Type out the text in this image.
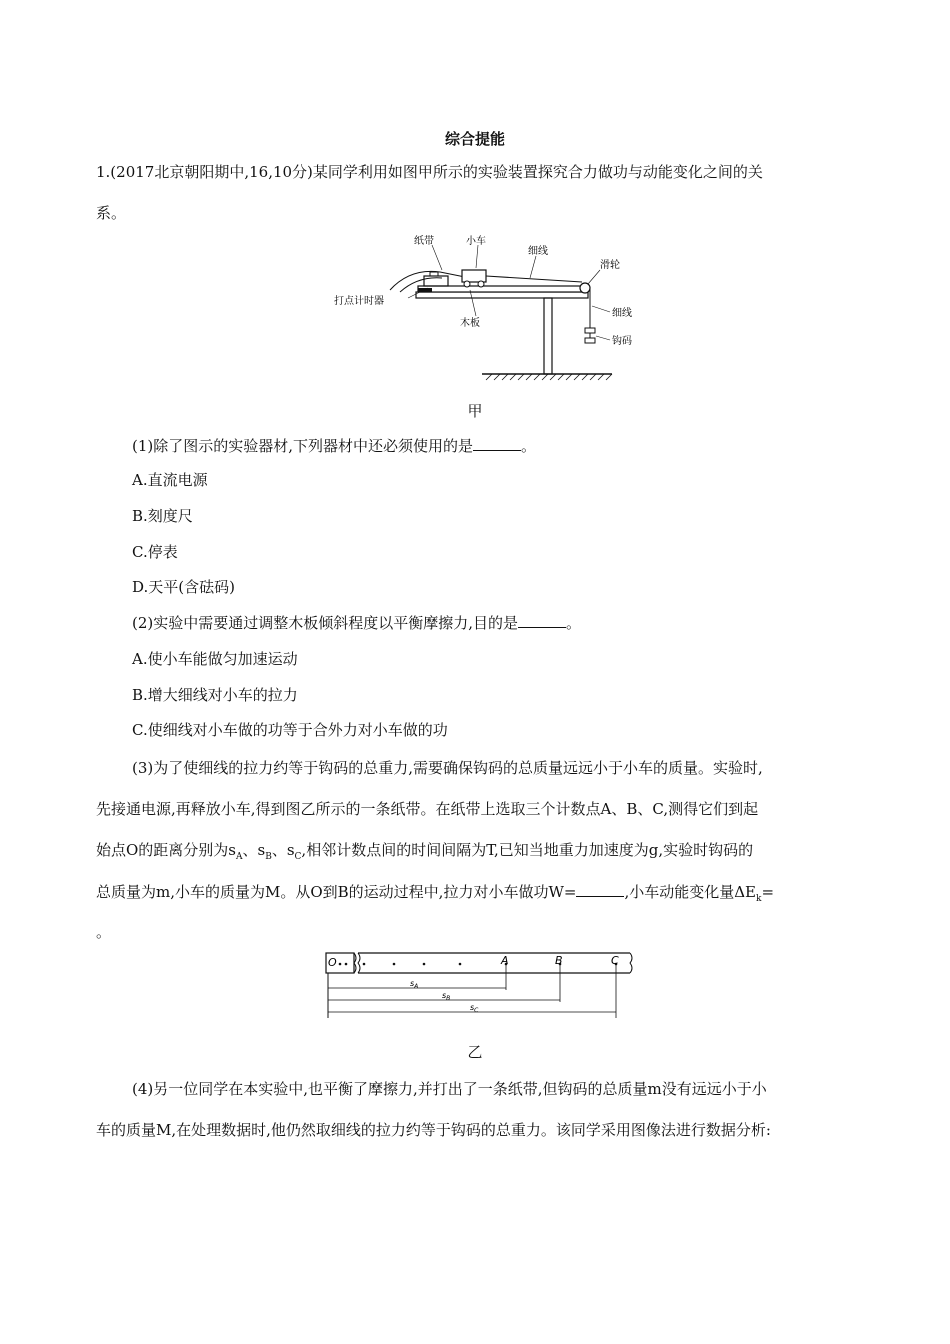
综合提能
1.(2017北京朝阳期中,16,10分)某同学利用如图甲所示的实验装置探究合力做功与动能变化之间的关
系。
纸带	小车
细线
滑轮
打点计时器
木板
细线
钩码
甲
(1)除了图示的实验器材,下列器材中还必须使用的是	。
A.直流电源
B.刻度尺
C.停表
D.天平(含砝码)
(2)实验中需要通过调整木板倾斜程度以平衡摩擦力,目的是	。
A.使小车能做匀加速运动
B.增大细线对小车的拉力
C.使细线对小车做的功等于合外力对小车做的功
(3)为了使细线的拉力约等于钩码的总重力,需要确保钩码的总质量远远小于小车的质量。实验时,
先接通电源,再释放小车,得到图乙所示的一条纸带。在纸带上选取三个计数点A、B、C,测得它们到起
始点O的距离分别为$s_A$、$s_B$、$s_C$,相邻计数点间的时间间隔为T,已知当地重力加速度为g,实验时钩码的
总质量为m,小车的质量为M。从O到B的运动过程中,拉力对小车做功W=	,小车动能变化量$\Delta E_k=$
。
O	A	B	C
$s_A$
$s_B$
$s_C$
乙
(4)另一位同学在本实验中,也平衡了摩擦力,并打出了一条纸带,但钩码的总质量m没有远远小于小
车的质量M,在处理数据时,他仍然取细线的拉力约等于钩码的总重力。该同学采用图像法进行数据分析:
